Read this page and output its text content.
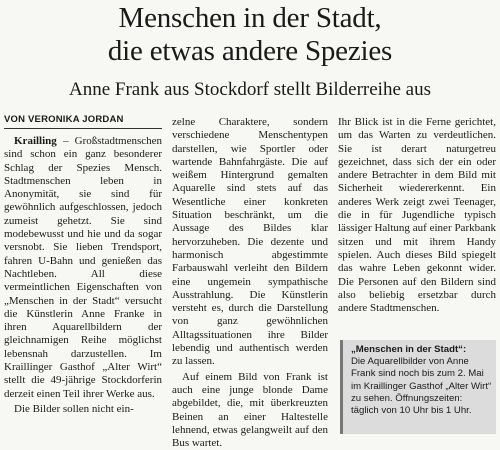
Menschen in der Stadt,
die etwas andere Spezies
Anne Frank aus Stockdorf stellt Bilderreihe aus
VON VERONIKA JORDAN

Krailling – Großstadtmenschen sind schon ein ganz besonderer Schlag der Spezies Mensch. Stadtmenschen leben in Anonymität, sie sind für gewöhnlich aufgeschlossen, jedoch zumeist gehetzt. Sie sind modebewusst und hie und da sogar versnobt. Sie lieben Trendsport, fahren U-Bahn und genießen das Nachtleben. All diese vermeintlichen Eigenschaften von „Menschen in der Stadt“ versucht die Künstlerin Anne Franke in ihren Aquarellbildern der gleichnamigen Reihe möglichst lebensnah darzustellen. Im Kraillinger Gasthof „Alter Wirt“ stellt die 49-jährige Stockdorferin derzeit einen Teil ihrer Werke aus.

Die Bilder sollen nicht ein-

zelne Charaktere, sondern verschiedene Menschentypen darstellen, wie Sportler oder wartende Bahnfahrgäste. Die auf weißem Hintergrund gemalten Aquarelle sind stets auf das Wesentliche einer konkreten Situation beschränkt, um die Aussage des Bildes klar hervorzuheben. Die dezente und harmonisch abgestimmte Farbauswahl verleiht den Bildern eine ungemein sympathische Ausstrahlung. Die Künstlerin versteht es, durch die Darstellung von ganz gewöhnlichen Alltagssituationen ihre Bilder lebendig und authentisch werden zu lassen.

Auf einem Bild von Frank ist auch eine junge blonde Dame abgebildet, die, mit überkreuzten Beinen an einer Haltestelle lehnend, etwas gelangweilt auf den Bus wartet.

Ihr Blick ist in die Ferne gerichtet, um das Warten zu verdeutlichen. Sie ist derart naturgetreu gezeichnet, dass sich der ein oder andere Betrachter in dem Bild mit Sicherheit wiedererkennt. Ein anderes Werk zeigt zwei Teenager, die in für Jugendliche typisch lässiger Haltung auf einer Parkbank sitzen und mit ihrem Handy spielen. Auch dieses Bild spiegelt das wahre Leben gekonnt wider. Die Personen auf den Bildern sind also beliebig ersetzbar durch andere Stadtmenschen.

„Menschen in der Stadt“:
Die Aquarellbilder von Anne Frank sind noch bis zum 2. Mai im Kraillinger Gasthof „Alter Wirt“ zu sehen. Öffnungszeiten: täglich von 10 Uhr bis 1 Uhr.
